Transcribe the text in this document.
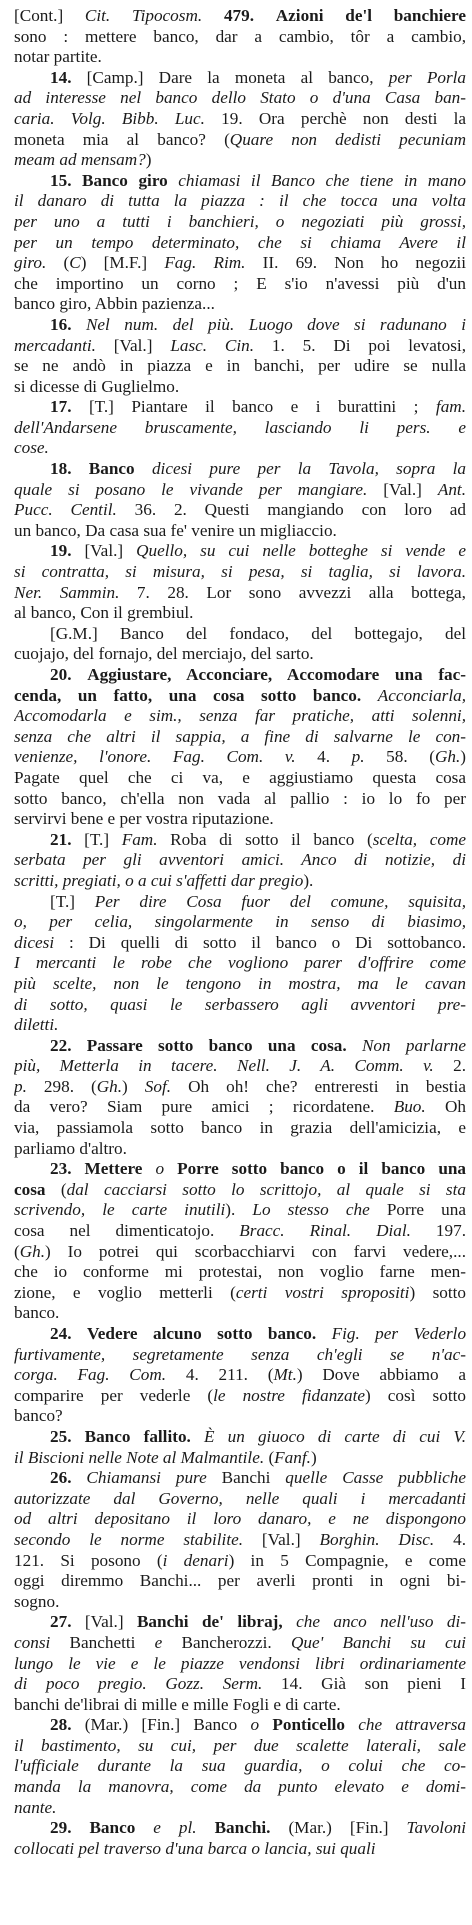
[Cont.] Cit. Tipocosm. 479. Azioni de'l banchiere
sono : mettere banco, dar a cambio, tôr a cambio,
notar partite.
14. [Camp.] Dare la moneta al banco, per Porla
ad interesse nel banco dello Stato o d'una Casa ban-
caria. Volg. Bibb. Luc. 19. Ora perchè non desti la
moneta mia al banco? (Quare non dedisti pecuniam
meam ad mensam?)
15. Banco giro chiamasi il Banco che tiene in mano
il danaro di tutta la piazza : il che tocca una volta
per uno a tutti i banchieri, o negoziati più grossi,
per un tempo determinato, che si chiama Avere il
giro. (C) [M.F.] Fag. Rim. II. 69. Non ho negozii
che importino un corno ; E s'io n'avessi più d'un
banco giro, Abbin pazienza...
16. Nel num. del più. Luogo dove si radunano i
mercadanti. [Val.] Lasc. Cin. 1. 5. Di poi levatosi,
se ne andò in piazza e in banchi, per udire se nulla
si dicesse di Guglielmo.
17. [T.] Piantare il banco e i burattini ; fam.
dell'Andarsene bruscamente, lasciando li pers. e
cose.
18. Banco dicesi pure per la Tavola, sopra la
quale si posano le vivande per mangiare. [Val.] Ant.
Pucc. Centil. 36. 2. Questi mangiando con loro ad
un banco, Da casa sua fe' venire un migliaccio.
19. [Val.] Quello, su cui nelle botteghe si vende e
si contratta, si misura, si pesa, si taglia, si lavora.
Ner. Sammin. 7. 28. Lor sono avvezzi alla bottega,
al banco, Con il grembiul.
[G.M.] Banco del fondaco, del bottegajo, del
cuojajo, del fornajo, del merciajo, del sarto.
20. Aggiustare, Acconciare, Accomodare una fac-
cenda, un fatto, una cosa sotto banco. Acconciarla,
Accomodarla e sim., senza far pratiche, atti solenni,
senza che altri il sappia, a fine di salvarne le con-
venienze, l'onore. Fag. Com. v. 4. p. 58. (Gh.)
Pagate quel che ci va, e aggiustiamo questa cosa
sotto banco, ch'ella non vada al pallio : io lo fo per
servirvi bene e per vostra riputazione.
21. [T.] Fam. Roba di sotto il banco (scelta, come
serbata per gli avventori amici. Anco di notizie, di
scritti, pregiati, o a cui s'affetti dar pregio).
[T.] Per dire Cosa fuor del comune, squisita,
o, per celia, singolarmente in senso di biasimo,
dicesi : Di quelli di sotto il banco o Di sottobanco.
I mercanti le robe che vogliono parer d'offrire come
più scelte, non le tengono in mostra, ma le cavan
di sotto, quasi le serbassero agli avventori pre-
diletti.
22. Passare sotto banco una cosa. Non parlarne
più, Metterla in tacere. Nell. J. A. Comm. v. 2.
p. 298. (Gh.) Sof. Oh oh! che? entreresti in bestia
da vero? Siam pure amici ; ricordatene. Buo. Oh
via, passiamola sotto banco in grazia dell'amicizia, e
parliamo d'altro.
23. Mettere o Porre sotto banco o il banco una
cosa (dal cacciarsi sotto lo scrittojo, al quale si sta
scrivendo, le carte inutili). Lo stesso che Porre una
cosa nel dimenticatojo. Bracc. Rinal. Dial. 197.
(Gh.) Io potrei qui scorbacchiarvi con farvi vedere,...
che io conforme mi protestai, non voglio farne men-
zione, e voglio metterli (certi vostri spropositi) sotto
banco.
24. Vedere alcuno sotto banco. Fig. per Vederlo
furtivamente, segretamente senza ch'egli se n'ac-
corga. Fag. Com. 4. 211. (Mt.) Dove abbiamo a
comparire per vederle (le nostre fidanzate) così sotto
banco?
25. Banco fallito. È un giuoco di carte di cui V.
il Biscioni nelle Note al Malmantile. (Fanf.)
26. Chiamansi pure Banchi quelle Casse pubbliche
autorizzate dal Governo, nelle quali i mercadanti
od altri depositano il loro danaro, e ne dispongono
secondo le norme stabilite. [Val.] Borghin. Disc. 4.
121. Si posono (i denari) in 5 Compagnie, e come
oggi diremmo Banchi... per averli pronti in ogni bi-
sogno.
27. [Val.] Banchi de' libraj, che anco nell'uso di-
consi Banchetti e Bancherozzi. Que' Banchi su cui
lungo le vie e le piazze vendonsi libri ordinariamente
di poco pregio. Gozz. Serm. 14. Già son pieni I
banchi de'librai di mille e mille Fogli e di carte.
28. (Mar.) [Fin.] Banco o Ponticello che attraversa
il bastimento, su cui, per due scalette laterali, sale
l'ufficiale durante la sua guardia, o colui che co-
manda la manovra, come da punto elevato e domi-
nante.
29. Banco e pl. Banchi. (Mar.) [Fin.] Tavoloni
collocati pel traverso d'una barca o lancia, sui quali
